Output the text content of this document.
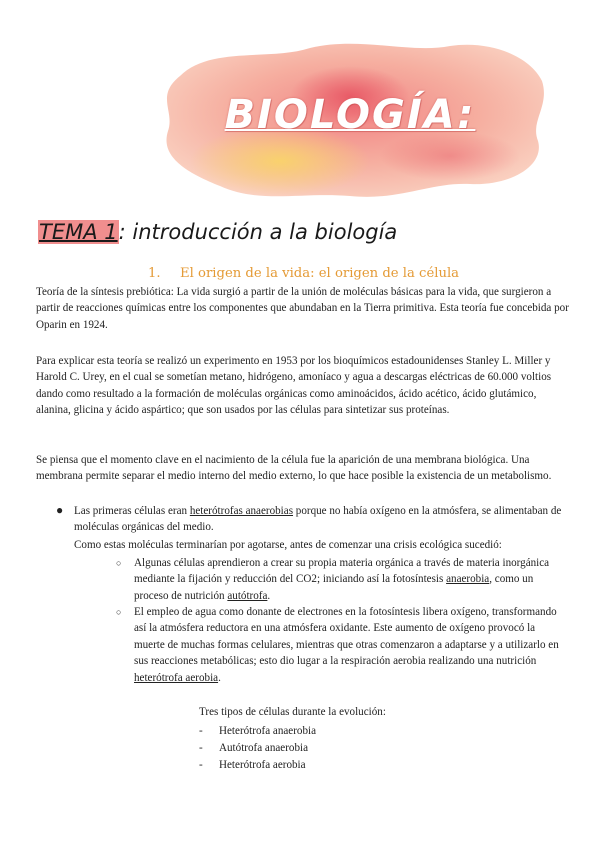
BIOLOGÍA:
TEMA 1: introducción a la biología
1. El origen de la vida: el origen de la célula
Teoría de la síntesis prebiótica: La vida surgió a partir de la unión de moléculas básicas para la vida, que surgieron a partir de reacciones químicas entre los componentes que abundaban en la Tierra primitiva. Esta teoría fue concebida por Oparin en 1924.
Para explicar esta teoría se realizó un experimento en 1953 por los bioquímicos estadounidenses Stanley L. Miller y Harold C. Urey, en el cual se sometían metano, hidrógeno, amoníaco y agua a descargas eléctricas de 60.000 voltios dando como resultado a la formación de moléculas orgánicas como aminoácidos, ácido acético, ácido glutámico, alanina, glicina y ácido aspártico; que son usados por las células para sintetizar sus proteínas.
Se piensa que el momento clave en el nacimiento de la célula fue la aparición de una membrana biológica. Una membrana permite separar el medio interno del medio externo, lo que hace posible la existencia de un metabolismo.
● Las primeras células eran heterótrofas anaerobias porque no había oxígeno en la atmósfera, se alimentaban de moléculas orgánicas del medio.
Como estas moléculas terminarían por agotarse, antes de comenzar una crisis ecológica sucedió:
○ Algunas células aprendieron a crear su propia materia orgánica a través de materia inorgánica mediante la fijación y reducción del CO2; iniciando así la fotosíntesis anaerobia, como un proceso de nutrición autótrofa.
○ El empleo de agua como donante de electrones en la fotosíntesis libera oxígeno, transformando así la atmósfera reductora en una atmósfera oxidante. Este aumento de oxígeno provocó la muerte de muchas formas celulares, mientras que otras comenzaron a adaptarse y a utilizarlo en sus reacciones metabólicas; esto dio lugar a la respiración aerobia realizando una nutrición heterótrofa aerobia.
Tres tipos de células durante la evolución:
- Heterótrofa anaerobia
- Autótrofa anaerobia
- Heterótrofa aerobia
